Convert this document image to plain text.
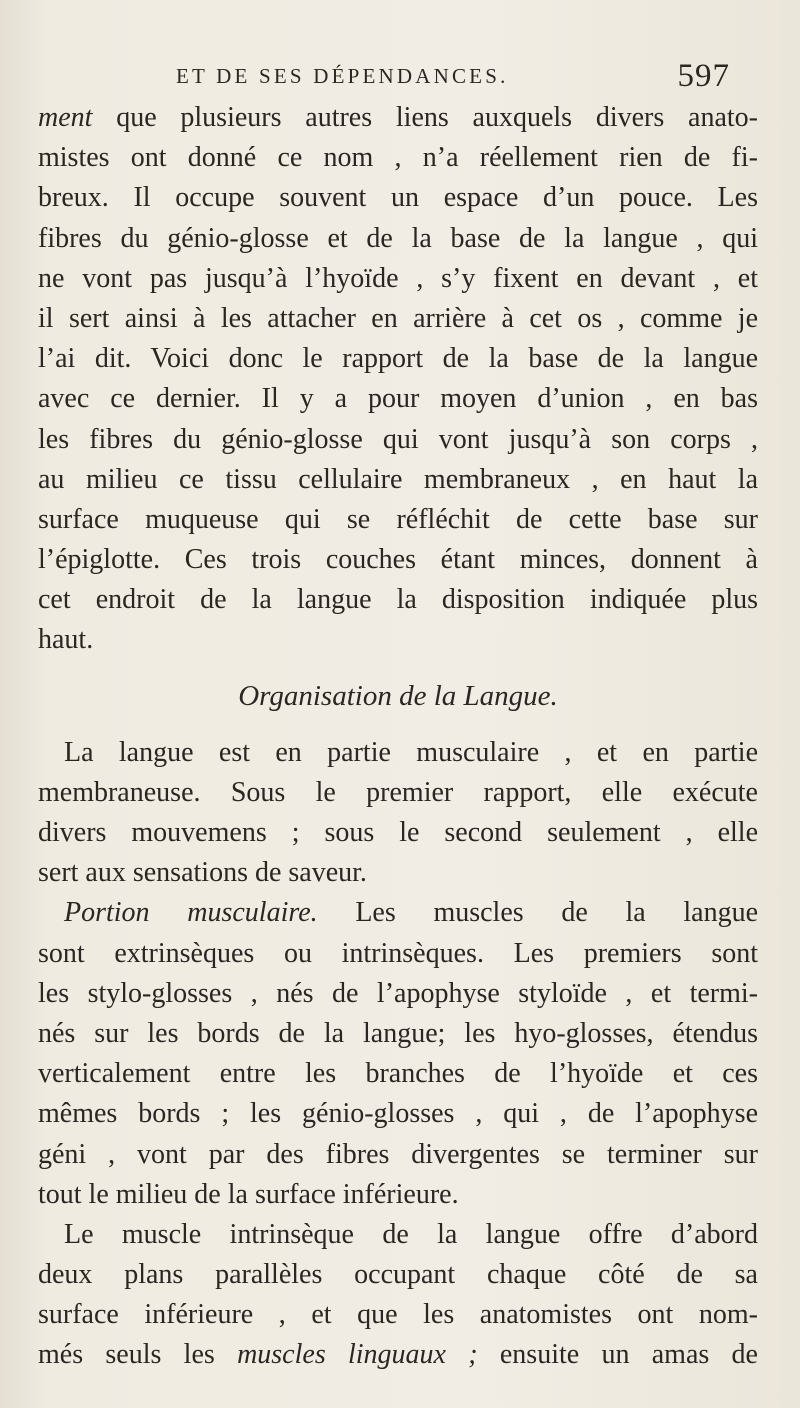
ET DE SES DÉPENDANCES.	597
ment que plusieurs autres liens auxquels divers anato-
mistes ont donné ce nom , n’a réellement rien de fi-
breux. Il occupe souvent un espace d’un pouce. Les
fibres du génio-glosse et de la base de la langue , qui
ne vont pas jusqu’à l’hyoïde , s’y fixent en devant , et
il sert ainsi à les attacher en arrière à cet os , comme je
l’ai dit. Voici donc le rapport de la base de la langue
avec ce dernier. Il y a pour moyen d’union , en bas
les fibres du génio-glosse qui vont jusqu’à son corps ,
au milieu ce tissu cellulaire membraneux , en haut la
surface muqueuse qui se réfléchit de cette base sur
l’épiglotte. Ces trois couches étant minces, donnent à
cet endroit de la langue la disposition indiquée plus
haut.
Organisation de la Langue.
La langue est en partie musculaire , et en partie
membraneuse. Sous le premier rapport, elle exécute
divers mouvemens ; sous le second seulement , elle
sert aux sensations de saveur.
Portion musculaire. Les muscles de la langue
sont extrinsèques ou intrinsèques. Les premiers sont
les stylo-glosses , nés de l’apophyse styloïde , et termi-
nés sur les bords de la langue; les hyo-glosses, étendus
verticalement entre les branches de l’hyoïde et ces
mêmes bords ; les génio-glosses , qui , de l’apophyse
géni , vont par des fibres divergentes se terminer sur
tout le milieu de la surface inférieure.
Le muscle intrinsèque de la langue offre d’abord
deux plans parallèles occupant chaque côté de sa
surface inférieure , et que les anatomistes ont nom-
més seuls les muscles linguaux ; ensuite un amas de
